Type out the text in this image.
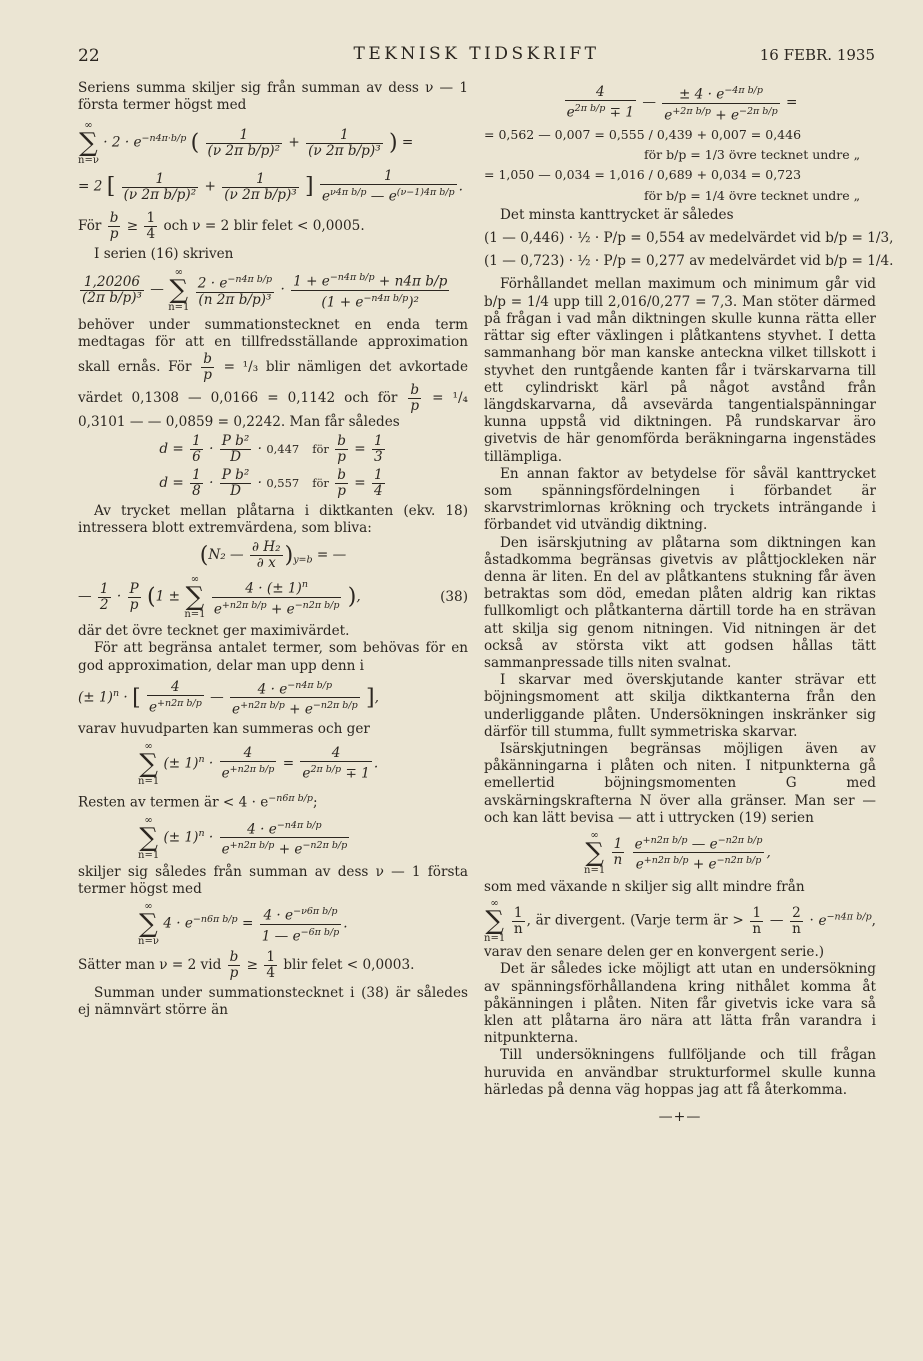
22	TEKNISK TIDSKRIFT	16 FEBR. 1935

Seriens summa skiljer sig från summan av dess ν — 1 första termer högst med

∞
∑
n=ν
· $2 \cdot e^{-n4\pi\cdot b/p}$ ( $\frac{1}{\text{(ν 2π b/p)²}} + \frac{1}{\text{(ν 2π b/p)³}}$ ) =
= 2 [ $\frac{1}{\text{(ν 2π b/p)²}} + \frac{1}{\text{(ν 2π b/p)³}}$ ] $\frac{1}{e^{\nu 4\pi b/p} — e^{(\nu-1)4\pi b/p}}$ .

För $\frac{b}{p} \ge \frac{1}{4}$ och ν = 2 blir felet < 0,0005.

I serien (16) skriven

$\frac{1,20206}{\text{(2π b/p)³}}$ —
∞
∑
n=1
$\frac{2 \cdot e^{-n4\pi b/p}}{\text{(n 2π b/p)³}} \cdot \frac{1 + e^{-n4\pi b/p} + n4\pi b/p}{(1 + e^{-n4\pi b/p})^2}$

behöver under summationstecknet en enda term medtagas för att en tillfredsställande approximation skall ernås. För $\frac{b}{p} = ^1/_3$ blir nämligen det avkortade värdet 0,1308 — 0,0166 = 0,1142 och för $\frac{b}{p} = ^1/_4$ 0,3101 — — 0,0859 = 0,2242. Man får således

$d = \frac{1}{6} \cdot \frac{\text{P b²}}{D} \cdot 0,447$ för $\frac{b}{p} = \frac{1}{3}$
$d = \frac{1}{8} \cdot \frac{\text{P b²}}{D} \cdot 0,557$ för $\frac{b}{p} = \frac{1}{4}$

Av trycket mellan plåtarna i diktkanten (ekv. 18) intressera blott extremvärdena, som bliva:

(N₂ — $\frac{\text{∂ H₂}}{\partial x} )_{y=b}$ = —
— $\frac{1}{2} \cdot \frac{P}{p} (1$ ±
∞
∑
n=1
$\frac{4 \cdot (\pm 1)^n}{e^{+n2\pi b/p} + e^{-n2\pi b/p}}$ ),	(38)

där det övre tecknet ger maximivärdet.

För att begränsa antalet termer, som behövas för en god approximation, delar man upp denn i

(± 1)$^n$ · [ $\frac{4}{e^{+n2\pi b/p}}$ — $\frac{4 \cdot e^{-n4\pi b/p}}{e^{+n2\pi b/p} + e^{-n2\pi b/p}}$ ],

varav huvudparten kan summeras och ger

∞
∑
n=1
(± $1)^n \cdot \frac{4}{e^{+n2\pi b/p}} = \frac{4}{e^{2\pi b/p} \mp 1}$ .

Resten av termen är < $4 \cdot e^{-n6\pi b/p}$;

∞
∑
n=1
(± $1)^n \cdot \frac{4 \cdot e^{-n4\pi b/p}}{e^{+n2\pi b/p} + e^{-n2\pi b/p}}$

skiljer sig således från summan av dess ν — 1 första termer högst med

∞
∑
n=ν
$4 \cdot e^{-n6\pi b/p} = \frac{4 \cdot e^{-\nu 6\pi b/p}}{1 — e^{-6\pi b/p}}$ .

Sätter man ν = 2 vid $\frac{b}{p} \ge \frac{1}{4}$ blir felet < 0,0003.

Summan under summationstecknet i (38) är således ej nämnvärt större än

$\frac{4}{e^{2\pi b/p} \mp 1}$ — $\frac{\pm 4 \cdot e^{-4\pi b/p}}{e^{+2\pi b/p} + e^{-2\pi b/p}}$ =
= 0,562 — 0,007 = 0,555 / 0,439 + 0,007 = 0,446
för b/p = 1/3 övre tecknet undre „
= 1,050 — 0,034 = 1,016 / 0,689 + 0,034 = 0,723
för b/p = 1/4 övre tecknet undre „

Det minsta kanttrycket är således

(1 — 0,446) · ½ · P/p = 0,554 av medelvärdet vid b/p = 1/3,
(1 — 0,723) · ½ · P/p = 0,277 av medelvärdet vid b/p = 1/4.

Förhållandet mellan maximum och minimum går vid b/p = 1/4 upp till 2,016/0,277 = 7,3. Man stöter därmed på frågan i vad mån diktningen skulle kunna rätta eller rättar sig efter växlingen i plåtkantens styvhet. I detta sammanhang bör man kanske anteckna vilket tillskott i styvhet den runtgående kanten får i tvärskarvarna till ett cylindriskt kärl på något avstånd från längdskarvarna, då avsevärda tangentialspänningar kunna uppstå vid diktningen. På rundskarvar äro givetvis de här genomförda beräkningarna ingenstädes tillämpliga.

En annan faktor av betydelse för såväl kanttrycket som spänningsfördelningen i förbandet är skarvstrimlornas krökning och tryckets inträngande i förbandet vid utvändig diktning.

Den isärskjutning av plåtarna som diktningen kan åstadkomma begränsas givetvis av plåttjockleken när denna är liten. En del av plåtkantens stukning får även betraktas som död, emedan plåten aldrig kan riktas fullkomligt och plåtkanterna därtill torde ha en strävan att skilja sig genom nitningen. Vid nitningen är det också av största vikt att godsen hållas tätt sammanpressade tills niten svalnat.

I skarvar med överskjutande kanter strävar ett böjningsmoment att skilja diktkanterna från den underliggande plåten. Undersökningen inskränker sig därför till stumma, fullt symmetriska skarvar.

Isärskjutningen begränsas möjligen även av påkänningarna i plåten och niten. I nitpunkterna gå emellertid böjningsmomenten G med avskärningskrafterna N över alla gränser. Man ser — och kan lätt bevisa — att i uttrycken (19) serien

∞
∑
n=1

$\frac{1}{n}$
$\frac{e^{+n2\pi b/p} — e^{-n2\pi b/p}}{e^{+n2\pi b/p} + e^{-n2\pi b/p}}$ ,

som med växande n skiljer sig allt mindre från

∞
∑
n=1

$\frac{1}{n}$ , är divergent. (Varje term är > $\frac{1}{n}$ — $\frac{2}{n} \cdot e^{-n4\pi b/p}$, varav den senare delen ger en konvergent serie.)

Det är således icke möjligt att utan en undersökning av spänningsförhållandena kring nithålet komma åt påkänningen i plåten. Niten får givetvis icke vara så klen att plåtarna äro nära att lätta från varandra i nitpunkterna.

Till undersökningens fullföljande och till frågan huruvida en användbar strukturformel skulle kunna härledas på denna väg hoppas jag att få återkomma.

—+—
